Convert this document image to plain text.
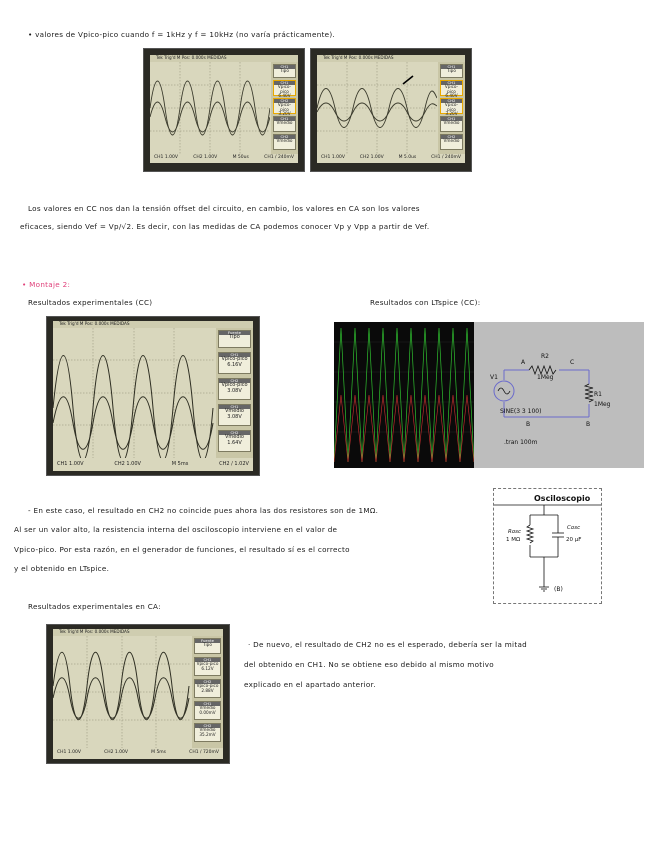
• valores de Vpico-pico cuando f = 1kHz y f = 10kHz (no varía prácticamente).
Tek Trig'd M Pos: 0.000s MEDIDAS
CH1
Tipo
CH1
Vpico-pico 6.40V
CH2
Vpico-pico 3.20V
CH1
Vmedio
CH2
Vmedio
CH1 1.00V	CH2 1.00V	M 50us	CH1 / 240mV
Tek Trig'd M Pos: 0.000s MEDIDAS
CH1
Tipo
CH1
Vpico-pico 6.40V
CH2
Vpico-pico 3.20V
CH1
Vmedio
CH2
Vmedio
CH1 1.00V	CH2 1.00V	M 5.0us	CH1 / 240mV
Los valores en CC nos dan la tensión offset del circuito, en cambio, los valores en CA son los valores
eficaces, siendo Vef = Vp/√2. Es decir, con las medidas de CA podemos conocer Vp y Vpp a partir de Vef.
• Montaje 2:
Resultados experimentales (CC)	Resultados con LTspice (CC):
Tek Trig'd M Pos: 0.000s MEDIDAS
Fuente
Tipo
CH1
Vpico-pico 6.16V
CH2
Vpico-pico 3.08V
CH1
Vmedio 3.08V
CH2
Vmedio 1.64V
CH1 1.00V	CH2 1.00V	M 5ms	CH2 / 1.02V
A	C
R2
1Meg
R1
1Meg
V1
SINE(3 3 100)
B	B
.tran 100m
- En este caso, el resultado en CH2 no coincide pues ahora las dos resistores son de 1MΩ.
Al ser un valor alto, la resistencia interna del osciloscopio interviene en el valor de
Vpico-pico. Por esta razón, en el generador de funciones, el resultado sí es el correcto
y el obtenido en LTspice.
Osciloscopio
Rosc
1 MΩ
Cosc
20 µF
(B)
Resultados experimentales en CA:
Tek Trig'd M Pos: 0.000s MEDIDAS
Fuente
Tipo
CH1
Vpico-pico 6.12V
CH2
Vpico-pico 2.88V
CH1
Vmedio 0.00mV
CH2
Vmedio 35.2mV
CH1 1.00V	CH2 1.00V	M 5ms	CH1 / 720mV
· De nuevo, el resultado de CH2 no es el esperado, debería ser la mitad
del obtenido en CH1. No se obtiene eso debido al mismo motivo
explicado en el apartado anterior.
